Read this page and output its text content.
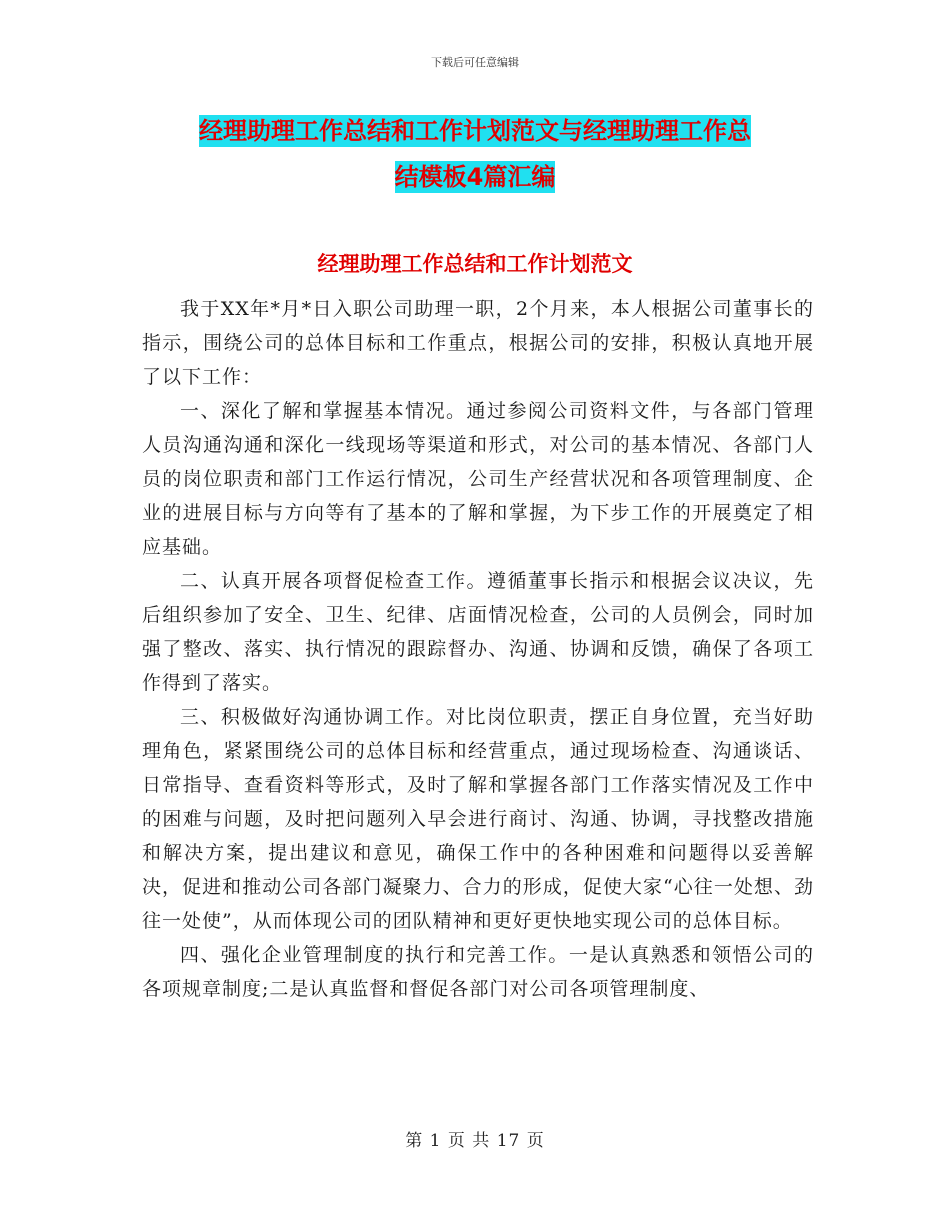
下载后可任意编辑
经理助理工作总结和工作计划范文与经理助理工作总
结模板4篇汇编
经理助理工作总结和工作计划范文

我于XX年*月*日入职公司助理一职，2个月来，本人根据公司董事长的指示，围绕公司的总体目标和工作重点，根据公司的安排，积极认真地开展了以下工作：

一、深化了解和掌握基本情况。通过参阅公司资料文件，与各部门管理人员沟通沟通和深化一线现场等渠道和形式，对公司的基本情况、各部门人员的岗位职责和部门工作运行情况，公司生产经营状况和各项管理制度、企业的进展目标与方向等有了基本的了解和掌握，为下步工作的开展奠定了相应基础。

二、认真开展各项督促检查工作。遵循董事长指示和根据会议决议，先后组织参加了安全、卫生、纪律、店面情况检查，公司的人员例会，同时加强了整改、落实、执行情况的跟踪督办、沟通、协调和反馈，确保了各项工作得到了落实。

三、积极做好沟通协调工作。对比岗位职责，摆正自身位置，充当好助理角色，紧紧围绕公司的总体目标和经营重点，通过现场检查、沟通谈话、日常指导、查看资料等形式，及时了解和掌握各部门工作落实情况及工作中的困难与问题，及时把问题列入早会进行商讨、沟通、协调，寻找整改措施和解决方案，提出建议和意见，确保工作中的各种困难和问题得以妥善解决，促进和推动公司各部门凝聚力、合力的形成，促使大家“心往一处想、劲往一处使”，从而体现公司的团队精神和更好更快地实现公司的总体目标。

四、强化企业管理制度的执行和完善工作。一是认真熟悉和领悟公司的各项规章制度;二是认真监督和督促各部门对公司各项管理制度、

第 1 页 共 17 页
